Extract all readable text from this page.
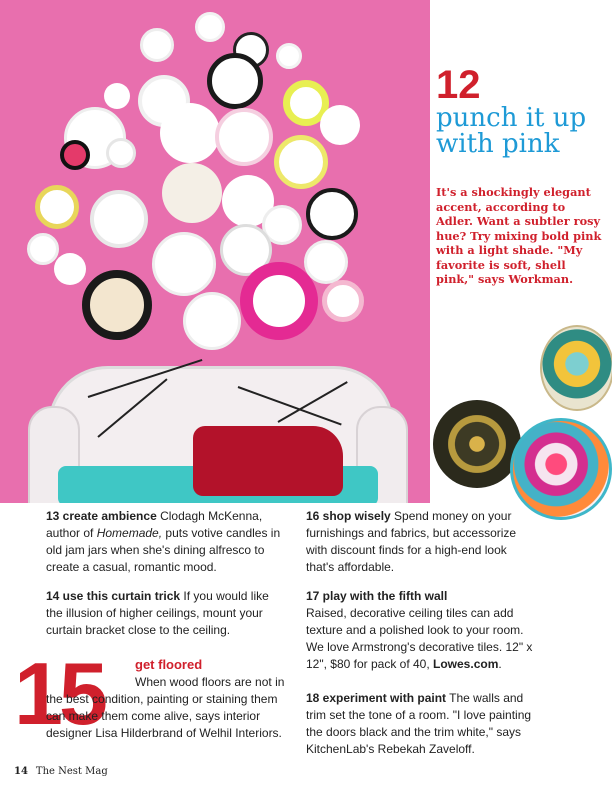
12
punch it up with pink
It's a shockingly elegant accent, according to Adler. Want a subtler rosy hue? Try mixing bold pink with a light shade. "My favorite is soft, shell pink," says Workman.
13 create ambience Clodagh McKenna, author of Homemade, puts votive candles in old jam jars when she's dining alfresco to create a casual, romantic mood.
14 use this curtain trick If you would like the illusion of higher ceilings, mount your curtain bracket close to the ceiling.
15 get floored
When wood floors are not in the best condition, painting or staining them can make them come alive, says interior designer Lisa Hilderbrand of Welhil Interiors.
16 shop wisely Spend money on your furnishings and fabrics, but accessorize with discount finds for a high-end look that's affordable.
17 play with the fifth wall
Raised, decorative ceiling tiles can add texture and a polished look to your room. We love Armstrong's decorative tiles. 12" x 12", $80 for pack of 40, Lowes.com.
18 experiment with paint The walls and trim set the tone of a room. "I love painting the doors black and the trim white," says KitchenLab's Rebekah Zaveloff.
14 The Nest Mag
